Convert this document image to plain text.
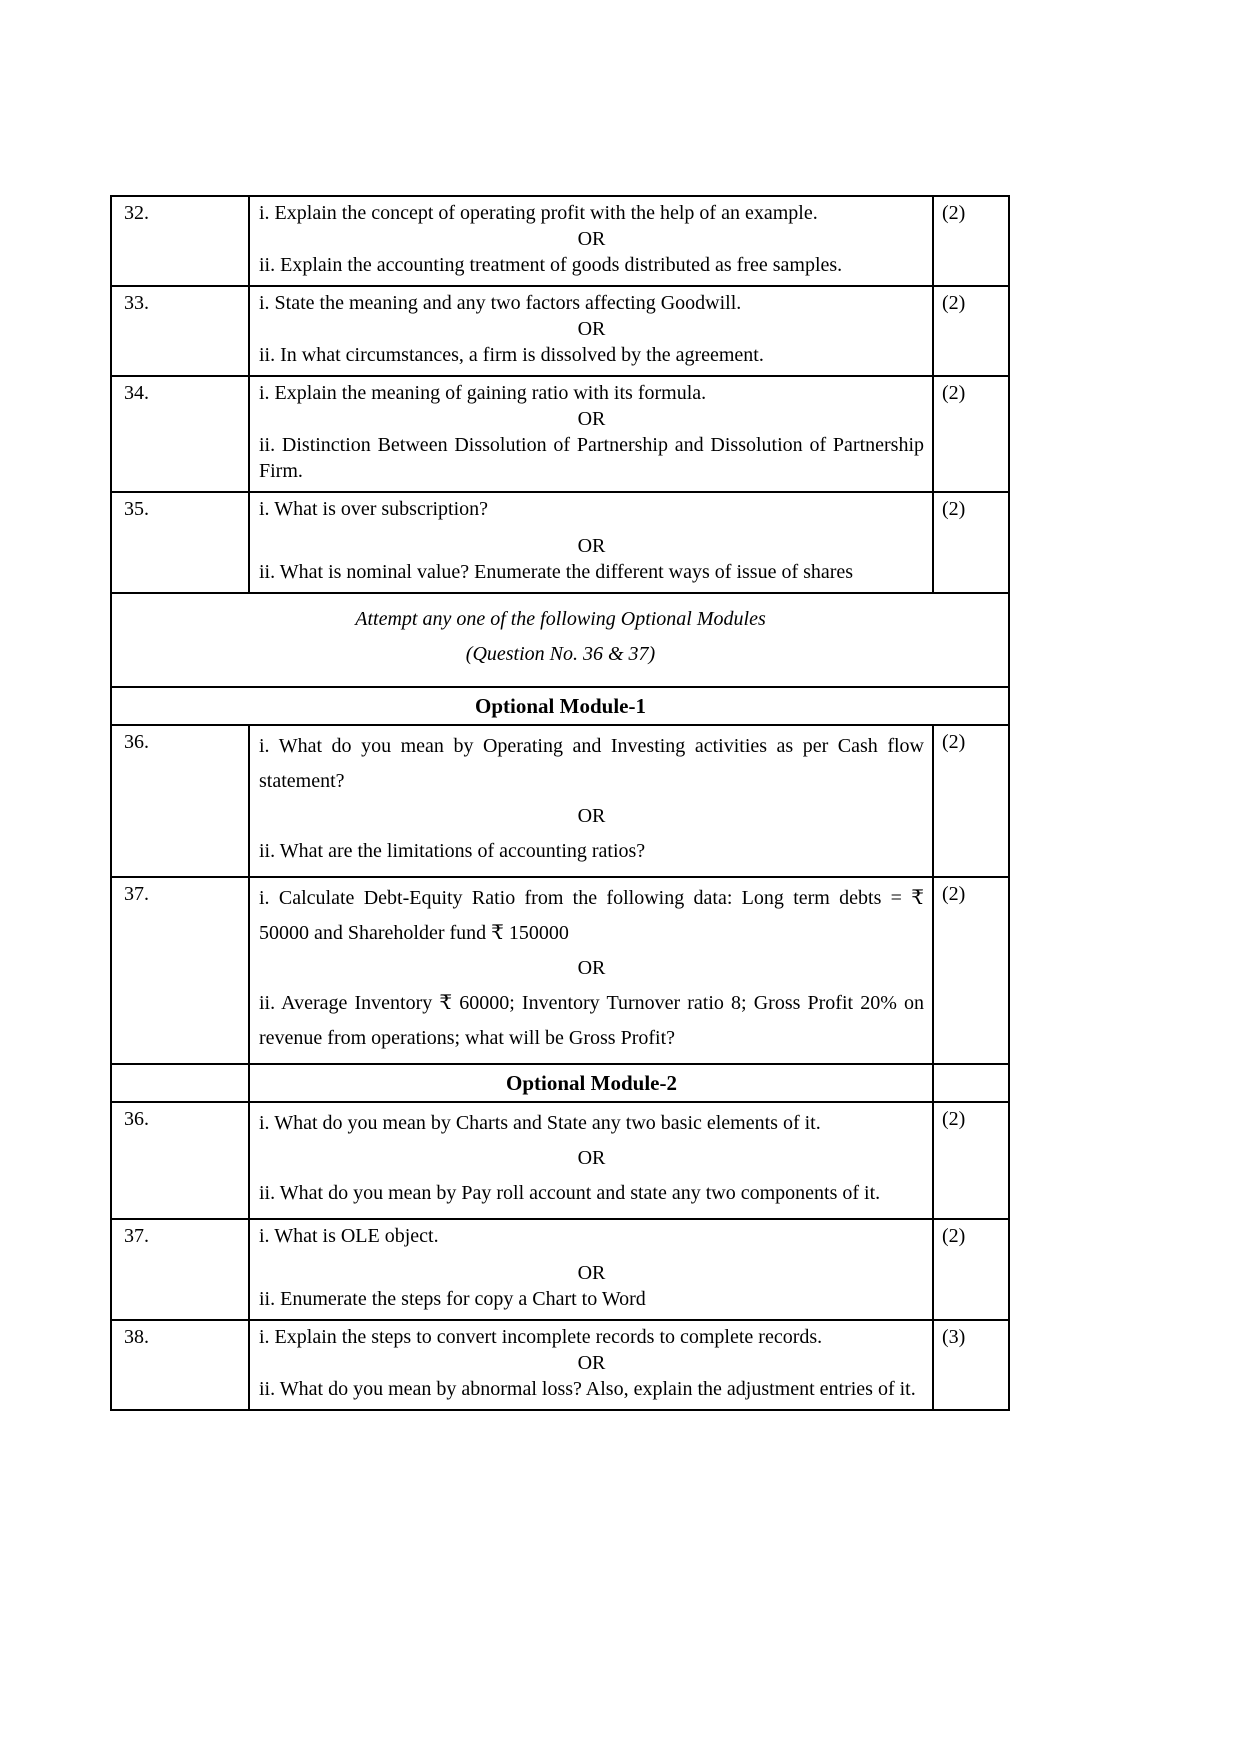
32.	i. Explain the concept of operating profit with the help of an example.
OR
ii. Explain the accounting treatment of goods distributed as free samples.	(2)
33.	i. State the meaning and any two factors affecting Goodwill.
OR
ii. In what circumstances, a firm is dissolved by the agreement.	(2)
34.	i. Explain the meaning of gaining ratio with its formula.
OR
ii. Distinction Between Dissolution of Partnership and Dissolution of Partnership Firm.	(2)
35.	i. What is over subscription?
OR
ii. What is nominal value? Enumerate the different ways of issue of shares	(2)

Attempt any one of the following Optional Modules
(Question No. 36 & 37)		

Optional Module-1		

36.	i. What do you mean by Operating and Investing activities as per Cash flow statement?
OR
ii. What are the limitations of accounting ratios?	(2)
37.	i. Calculate Debt-Equity Ratio from the following data: Long term debts = ₹ 50000 and Shareholder fund ₹ 150000
OR
ii. Average Inventory ₹ 60000; Inventory Turnover ratio 8; Gross Profit 20% on revenue from operations; what will be Gross Profit?	(2)
	Optional Module-2	
36.	i. What do you mean by Charts and State any two basic elements of it.
OR
ii. What do you mean by Pay roll account and state any two components of it.	(2)
37.	i. What is OLE object.
OR
ii. Enumerate the steps for copy a Chart to Word	(2)
38.	i. Explain the steps to convert incomplete records to complete records.
OR
ii. What do you mean by abnormal loss? Also, explain the adjustment entries of it.	(3)
